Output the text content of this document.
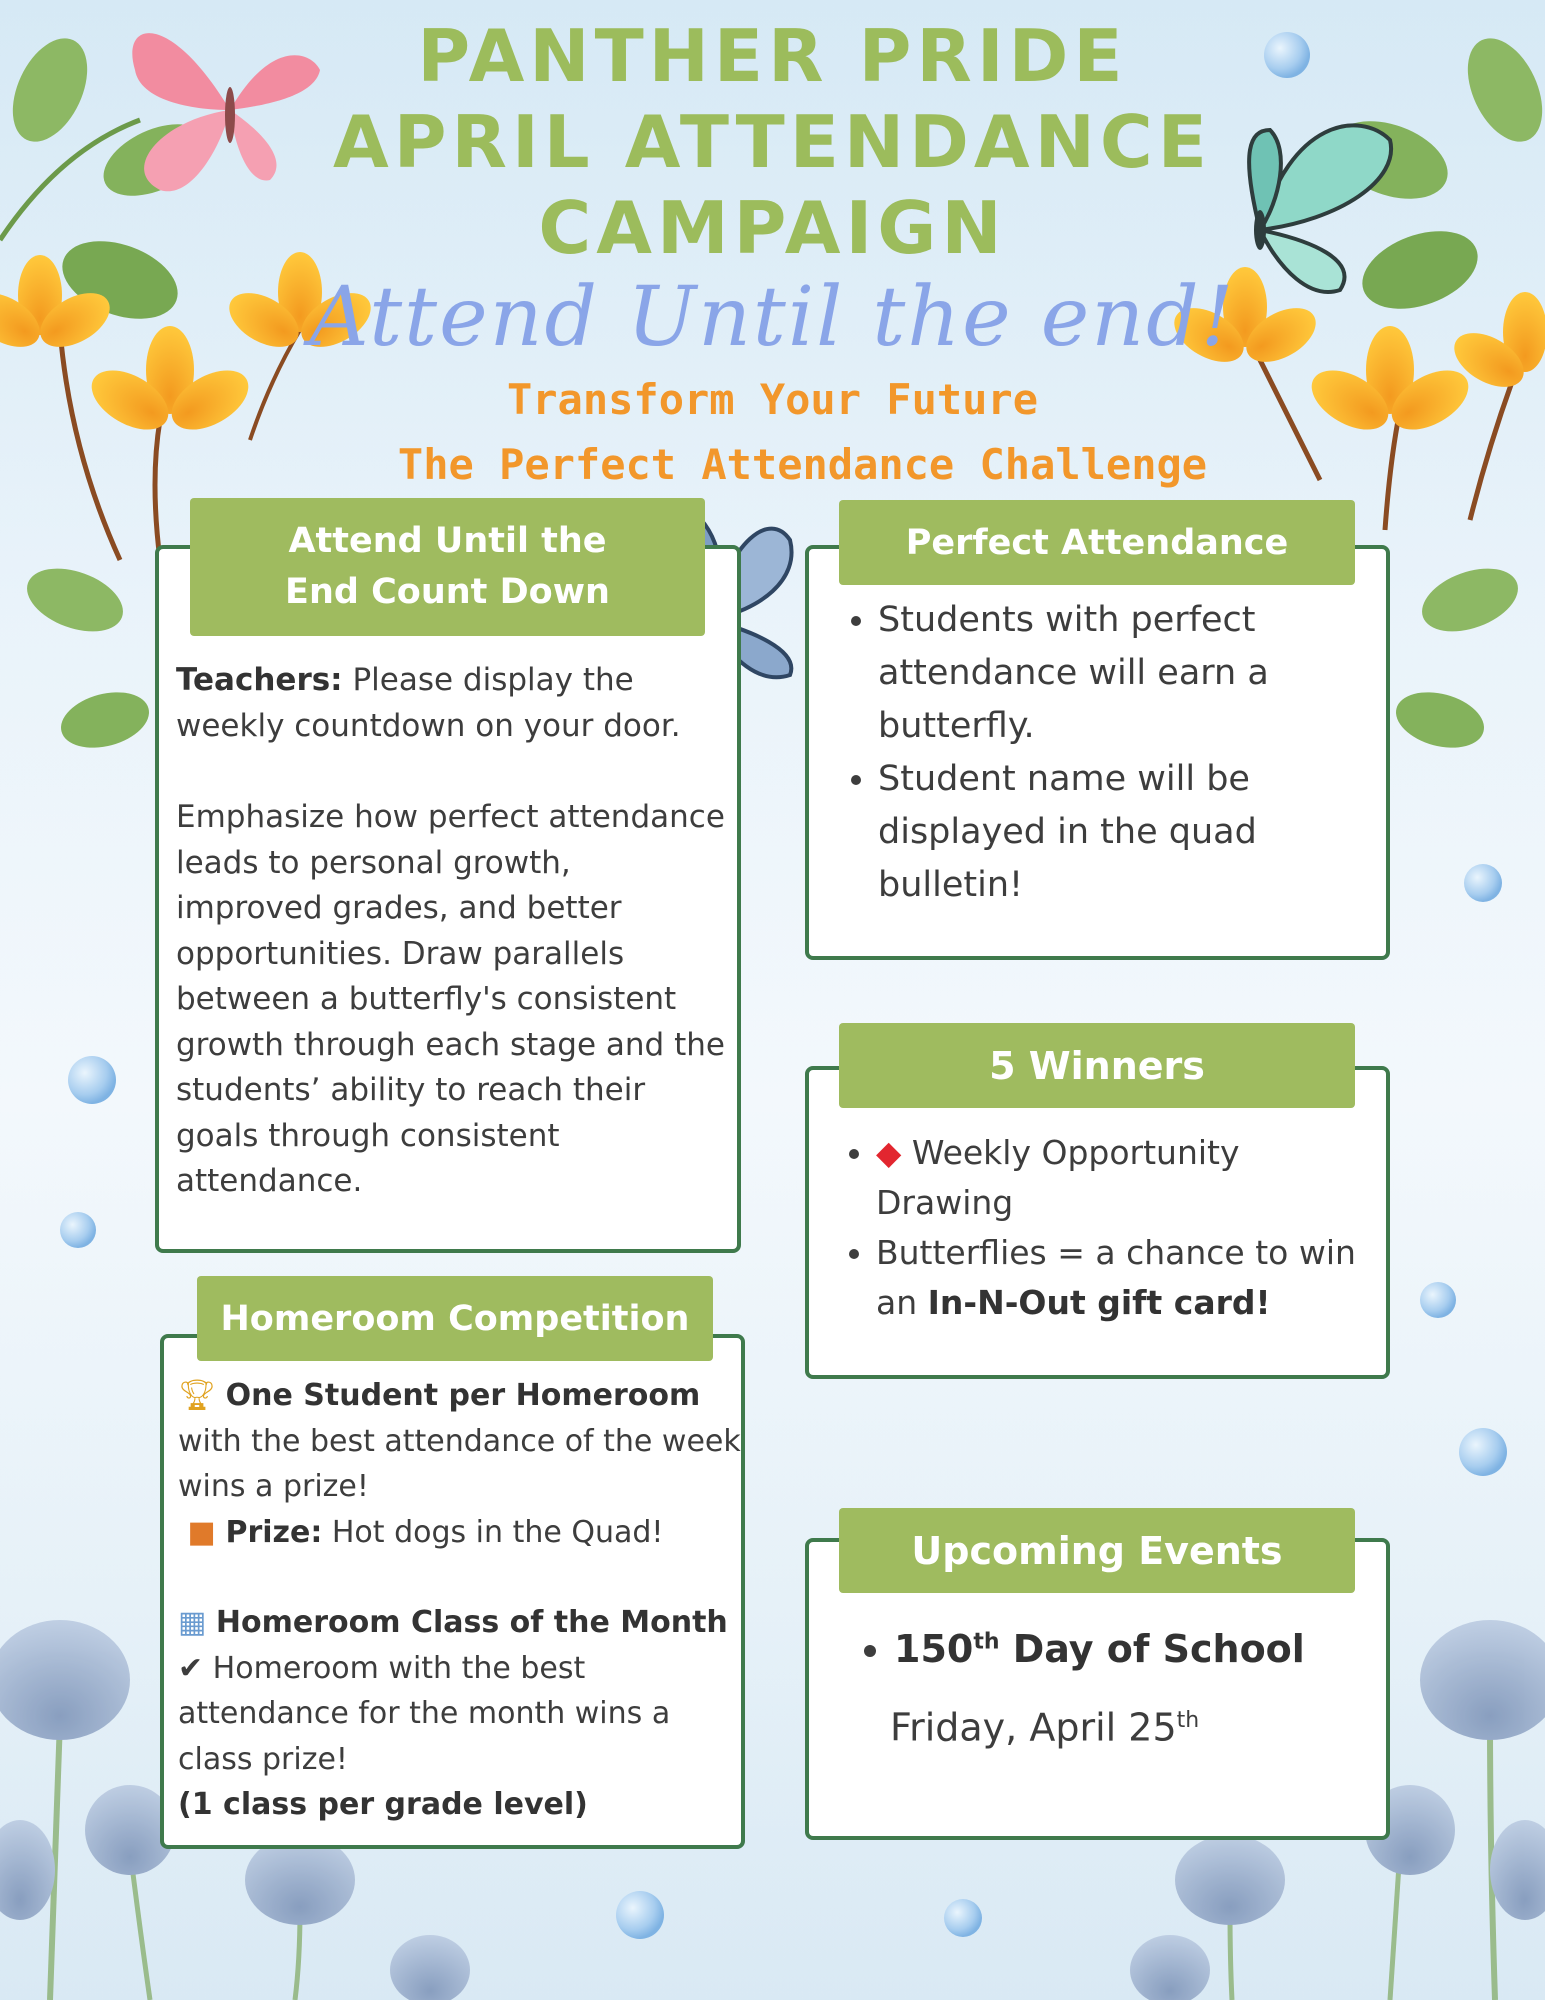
PANTHER PRIDE
APRIL ATTENDANCE
CAMPAIGN
Attend Until the end!
Transform Your Future
The Perfect Attendance Challenge
Attend Until the
End Count Down

Teachers: Please display the weekly countdown on your door.

Emphasize how perfect attendance leads to personal growth, improved grades, and better opportunities. Draw parallels between a butterfly's consistent growth through each stage and the students’ ability to reach their goals through consistent attendance.

Perfect Attendance
• Students with perfect attendance will earn a butterfly.
• Student name will be displayed in the quad bulletin!
5 Winners
• ◆ Weekly Opportunity Drawing
• Butterflies = a chance to win an In-N-Out gift card!
Homeroom Competition

🏆︎ One Student per Homeroom with the best attendance of the week wins a prize!

■ Prize: Hot dogs in the Quad!

▦ Homeroom Class of the Month
✔ Homeroom with the best attendance for the month wins a class prize!

(1 class per grade level)

Upcoming Events
• 150th Day of School
Friday, April 25th
